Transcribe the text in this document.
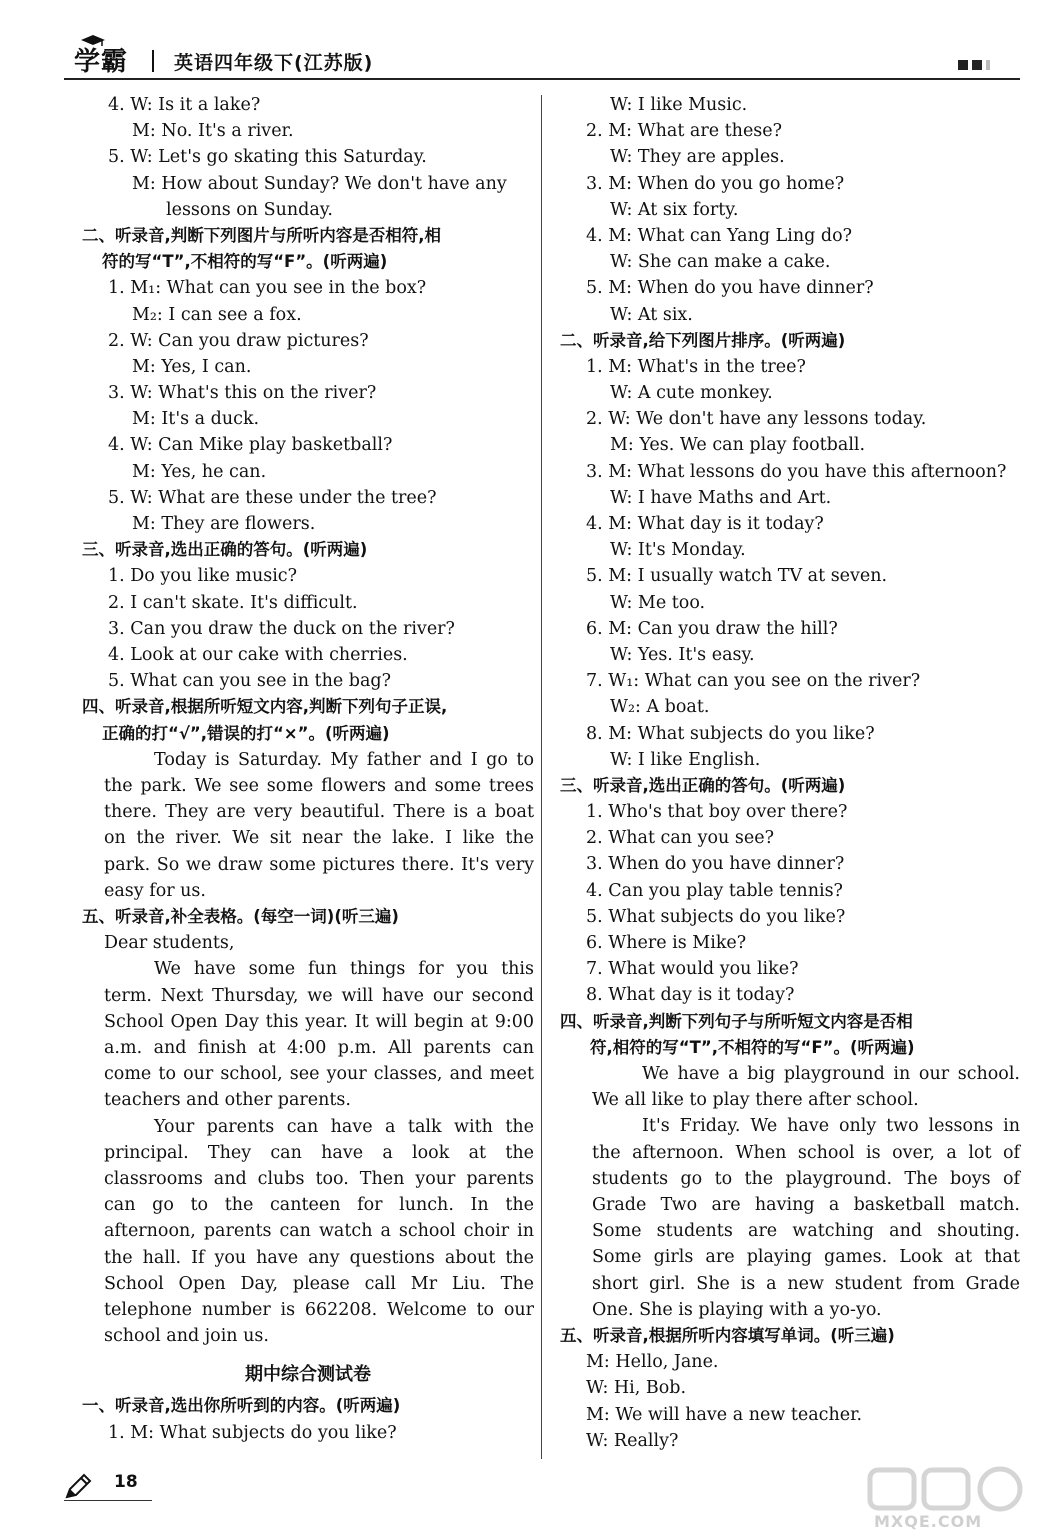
学霸 英语四年级下(江苏版)
4. W: Is it a lake?
M: No. It's a river.
5. W: Let's go skating this Saturday.
M: How about Sunday? We don't have any
lessons on Sunday.
二、听录音,判断下列图片与所听内容是否相符,相
符的写“T”,不相符的写“F”。(听两遍)
1. M₁: What can you see in the box?
M₂: I can see a fox.
2. W: Can you draw pictures?
M: Yes, I can.
3. W: What's this on the river?
M: It's a duck.
4. W: Can Mike play basketball?
M: Yes, he can.
5. W: What are these under the tree?
M: They are flowers.
三、听录音,选出正确的答句。(听两遍)
1. Do you like music?
2. I can't skate. It's difficult.
3. Can you draw the duck on the river?
4. Look at our cake with cherries.
5. What can you see in the bag?
四、听录音,根据所听短文内容,判断下列句子正误,
正确的打“√”,错误的打“×”。(听两遍)
Today is Saturday. My father and I go to the park. We see some flowers and some trees there. They are very beautiful. There is a boat on the river. We sit near the lake. I like the park. So we draw some pictures there. It's very easy for us.
五、听录音,补全表格。(每空一词)(听三遍)
Dear students,
We have some fun things for you this term. Next Thursday, we will have our second School Open Day this year. It will begin at 9:00 a.m. and finish at 4:00 p.m. All parents can come to our school, see your classes, and meet teachers and other parents.
Your parents can have a talk with the principal. They can have a look at the classrooms and clubs too. Then your parents can go to the canteen for lunch. In the afternoon, parents can watch a school choir in the hall. If you have any questions about the School Open Day, please call Mr Liu. The telephone number is 662208. Welcome to our school and join us.
期中综合测试卷
一、听录音,选出你所听到的内容。(听两遍)
1. M: What subjects do you like?
W: I like Music.
2. M: What are these?
W: They are apples.
3. M: When do you go home?
W: At six forty.
4. M: What can Yang Ling do?
W: She can make a cake.
5. M: When do you have dinner?
W: At six.
二、听录音,给下列图片排序。(听两遍)
1. M: What's in the tree?
W: A cute monkey.
2. W: We don't have any lessons today.
M: Yes. We can play football.
3. M: What lessons do you have this afternoon?
W: I have Maths and Art.
4. M: What day is it today?
W: It's Monday.
5. M: I usually watch TV at seven.
W: Me too.
6. M: Can you draw the hill?
W: Yes. It's easy.
7. W₁: What can you see on the river?
W₂: A boat.
8. M: What subjects do you like?
W: I like English.
三、听录音,选出正确的答句。(听两遍)
1. Who's that boy over there?
2. What can you see?
3. When do you have dinner?
4. Can you play table tennis?
5. What subjects do you like?
6. Where is Mike?
7. What would you like?
8. What day is it today?
四、听录音,判断下列句子与所听短文内容是否相
符,相符的写“T”,不相符的写“F”。(听两遍)
We have a big playground in our school. We all like to play there after school.
It's Friday. We have only two lessons in the afternoon. When school is over, a lot of students go to the playground. The boys of Grade Two are having a basketball match. Some students are watching and shouting. Some girls are playing games. Look at that short girl. She is a new student from Grade One. She is playing with a yo-yo.
五、听录音,根据所听内容填写单词。(听三遍)
M: Hello, Jane.
W: Hi, Bob.
M: We will have a new teacher.
W: Really?
18
MXQE.COM
